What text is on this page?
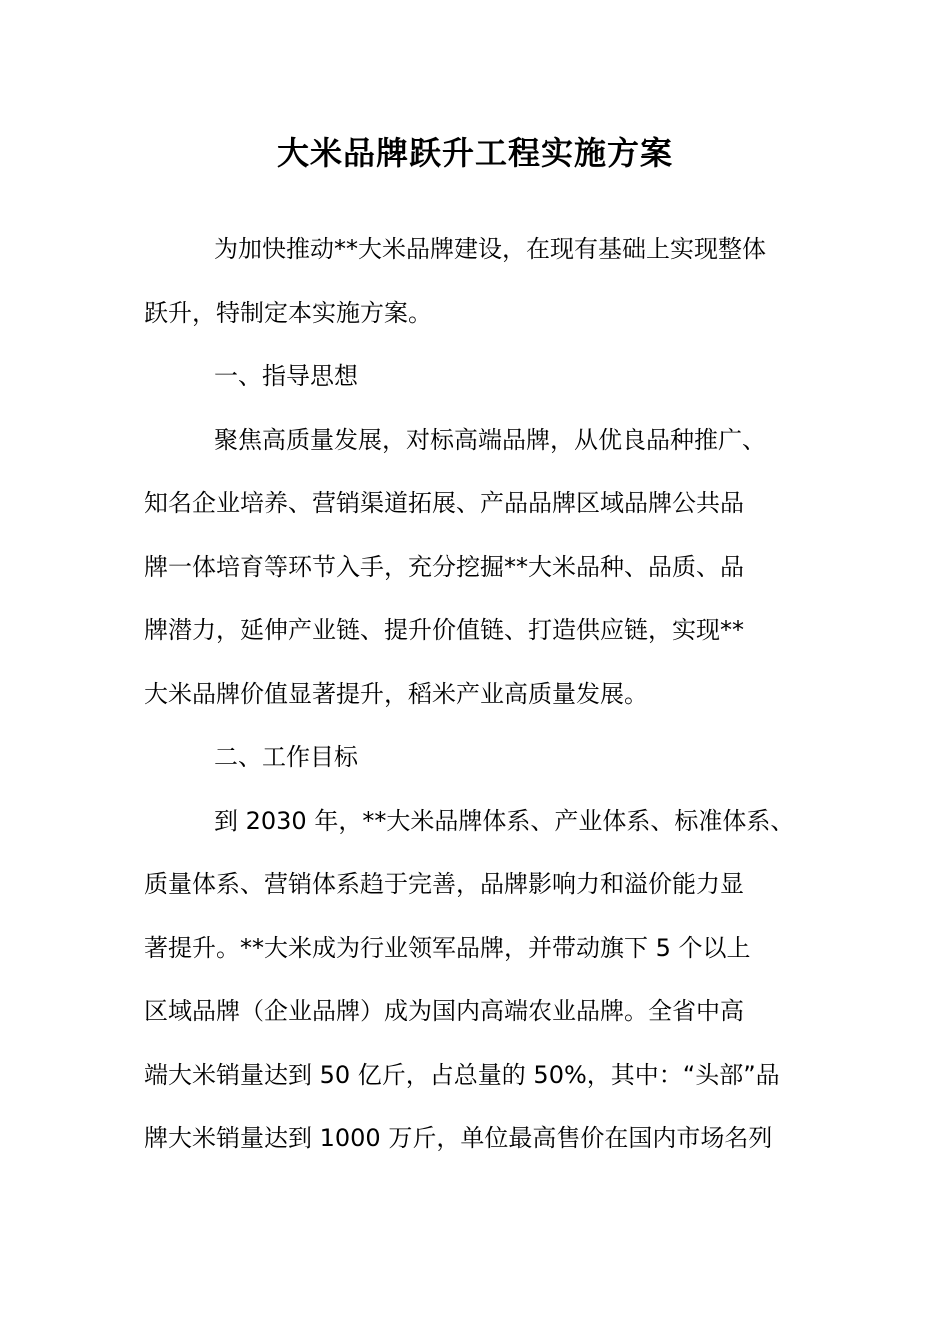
大米品牌跃升工程实施方案
为加快推动**大米品牌建设，在现有基础上实现整体
跃升，特制定本实施方案。
一、指导思想
聚焦高质量发展，对标高端品牌，从优良品种推广、
知名企业培养、营销渠道拓展、产品品牌区域品牌公共品
牌一体培育等环节入手，充分挖掘**大米品种、品质、品
牌潜力，延伸产业链、提升价值链、打造供应链，实现**
大米品牌价值显著提升，稻米产业高质量发展。
二、工作目标
到 2030 年，**大米品牌体系、产业体系、标准体系、
质量体系、营销体系趋于完善，品牌影响力和溢价能力显
著提升。**大米成为行业领军品牌，并带动旗下 5 个以上
区域品牌（企业品牌）成为国内高端农业品牌。全省中高
端大米销量达到 50 亿斤，占总量的 50%，其中：“头部”品
牌大米销量达到 1000 万斤，单位最高售价在国内市场名列
